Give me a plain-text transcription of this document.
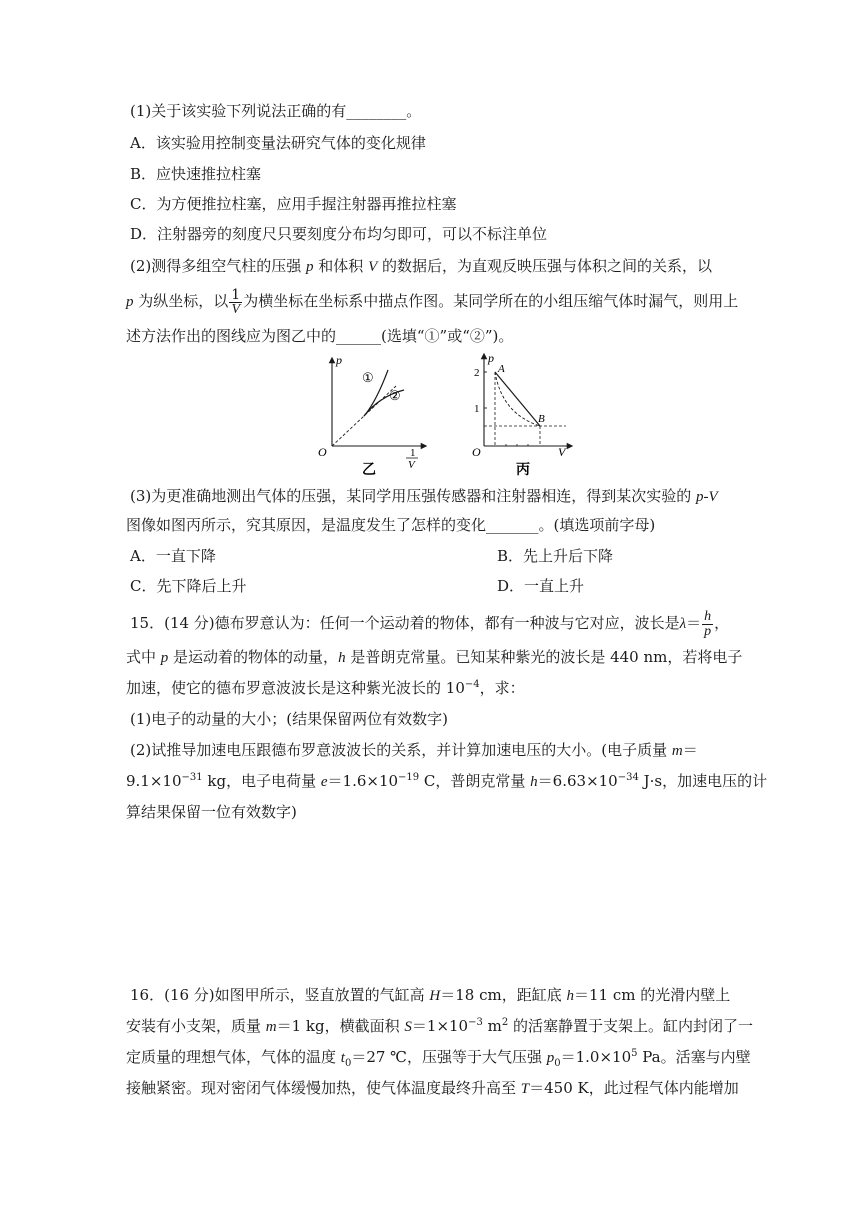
(1)关于该实验下列说法正确的有________。
A．该实验用控制变量法研究气体的变化规律
B．应快速推拉柱塞
C．为方便推拉柱塞，应用手握注射器再推拉柱塞
D．注射器旁的刻度尺只要刻度分布均匀即可，可以不标注单位
(2)测得多组空气柱的压强 p 和体积 V 的数据后，为直观反映压强与体积之间的关系，以
p 为纵坐标，以 $\frac{1}{V}$ 为横坐标在坐标系中描点作图。某同学所在的小组压缩气体时漏气，则用上
述方法作出的图线应为图乙中的______(选填“①”或“②”)。
p
O
①
②
1
V
乙
p
2
1
O
A
B
V
丙
(3)为更准确地测出气体的压强，某同学用压强传感器和注射器相连，得到某次实验的 p-V
图像如图丙所示，究其原因，是温度发生了怎样的变化_______。(填选项前字母)
A．一直下降	B．先上升后下降
C．先下降后上升	D．一直上升
15．(14 分)德布罗意认为：任何一个运动着的物体，都有一种波与它对应，波长是$\lambda= \frac{h}{p}$ ，
式中 p 是运动着的物体的动量，h 是普朗克常量。已知某种紫光的波长是 440 nm，若将电子
加速，使它的德布罗意波波长是这种紫光波长的 $10^{-4}$，求：
(1)电子的动量的大小；(结果保留两位有效数字)
(2)试推导加速电压跟德布罗意波波长的关系，并计算加速电压的大小。(电子质量 m＝
$9.1\times 10^{-31}$ kg，电子电荷量 $e=1.6\times 10^{-19}$ C，普朗克常量 $h=6.63\times 10^{-34}$ J·s，加速电压的计
算结果保留一位有效数字)
16．(16 分)如图甲所示，竖直放置的气缸高 H＝18 cm，距缸底 h＝11 cm 的光滑内壁上
安装有小支架，质量 m＝1 kg，横截面积 $S=1\times 10^{-3}$ $m^2$ 的活塞静置于支架上。缸内封闭了一
定质量的理想气体，气体的温度 $t_0=27$ ℃，压强等于大气压强 $p_0=1.0\times 10^5$ Pa。活塞与内壁
接触紧密。现对密闭气体缓慢加热，使气体温度最终升高至 T＝450 K，此过程气体内能增加
